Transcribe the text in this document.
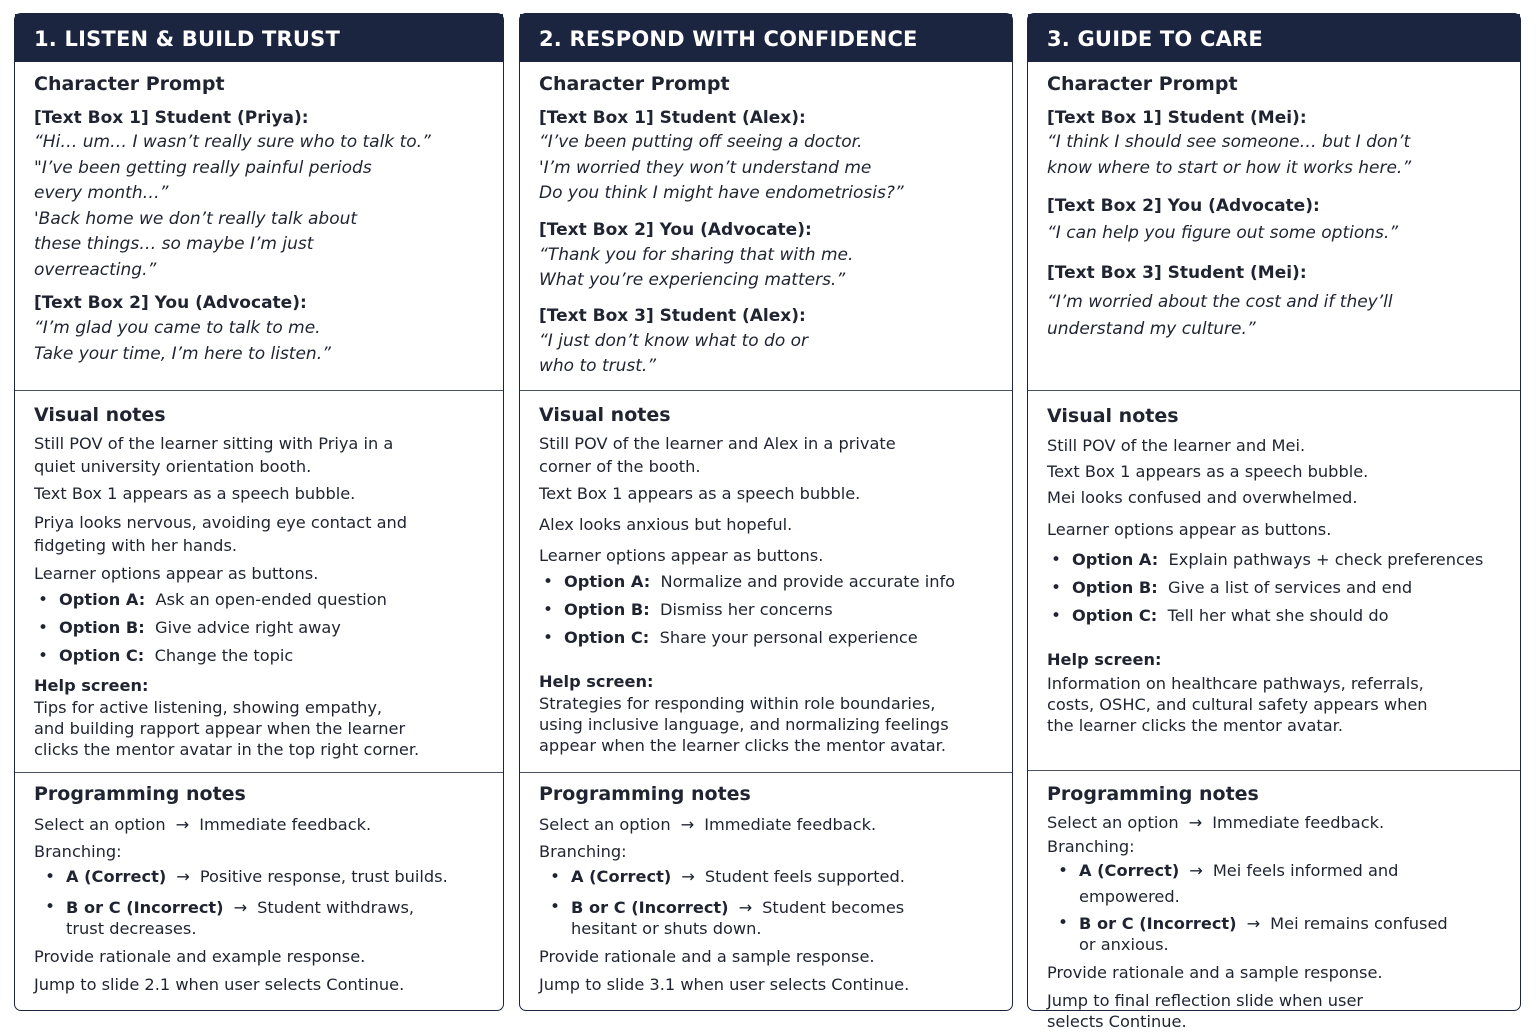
1. LISTEN & BUILD TRUST

Character Prompt

[Text Box 1] Student (Priya):

“Hi… um… I wasn’t really sure who to talk to.”

"I’ve been getting really painful periods

every month…”

'Back home we don’t really talk about

these things… so maybe I’m just

overreacting.”

[Text Box 2] You (Advocate):

“I’m glad you came to talk to me.

Take your time, I’m here to listen.”

Visual notes

Still POV of the learner sitting with Priya in a

quiet university orientation booth.

Text Box 1 appears as a speech bubble.

Priya looks nervous, avoiding eye contact and

fidgeting with her hands.

Learner options appear as buttons.

• Option A: Ask an open-ended question
• Option B: Give advice right away
• Option C: Change the topic

Help screen:

Tips for active listening, showing empathy,

and building rapport appear when the learner

clicks the mentor avatar in the top right corner.

Programming notes

Select an option → Immediate feedback.

Branching:

• A (Correct) → Positive response, trust builds.
• B or C (Incorrect) → Student withdraws,
trust decreases.

Provide rationale and example response.

Jump to slide 2.1 when user selects Continue.

2. RESPOND WITH CONFIDENCE

Character Prompt

[Text Box 1] Student (Alex):

“I’ve been putting off seeing a doctor.

'I’m worried they won’t understand me

Do you think I might have endometriosis?”

[Text Box 2] You (Advocate):

“Thank you for sharing that with me.

What you’re experiencing matters.”

[Text Box 3] Student (Alex):

“I just don’t know what to do or

who to trust.”

Visual notes

Still POV of the learner and Alex in a private

corner of the booth.

Text Box 1 appears as a speech bubble.

Alex looks anxious but hopeful.

Learner options appear as buttons.

• Option A: Normalize and provide accurate info
• Option B: Dismiss her concerns
• Option C: Share your personal experience

Help screen:

Strategies for responding within role boundaries,

using inclusive language, and normalizing feelings

appear when the learner clicks the mentor avatar.

Programming notes

Select an option → Immediate feedback.

Branching:

• A (Correct) → Student feels supported.
• B or C (Incorrect) → Student becomes
hesitant or shuts down.

Provide rationale and a sample response.

Jump to slide 3.1 when user selects Continue.

3. GUIDE TO CARE

Character Prompt

[Text Box 1] Student (Mei):

“I think I should see someone… but I don’t

know where to start or how it works here.”

[Text Box 2] You (Advocate):

“I can help you figure out some options.”

[Text Box 3] Student (Mei):

“I’m worried about the cost and if they’ll

understand my culture.”

Visual notes

Still POV of the learner and Mei.

Text Box 1 appears as a speech bubble.

Mei looks confused and overwhelmed.

Learner options appear as buttons.

• Option A: Explain pathways + check preferences
• Option B: Give a list of services and end
• Option C: Tell her what she should do

Help screen:

Information on healthcare pathways, referrals,

costs, OSHC, and cultural safety appears when

the learner clicks the mentor avatar.

Programming notes

Select an option → Immediate feedback.

Branching:

• A (Correct) → Mei feels informed and empowered.
• B or C (Incorrect) → Mei remains confused
or anxious.

Provide rationale and a sample response.

Jump to final reflection slide when user

selects Continue.
